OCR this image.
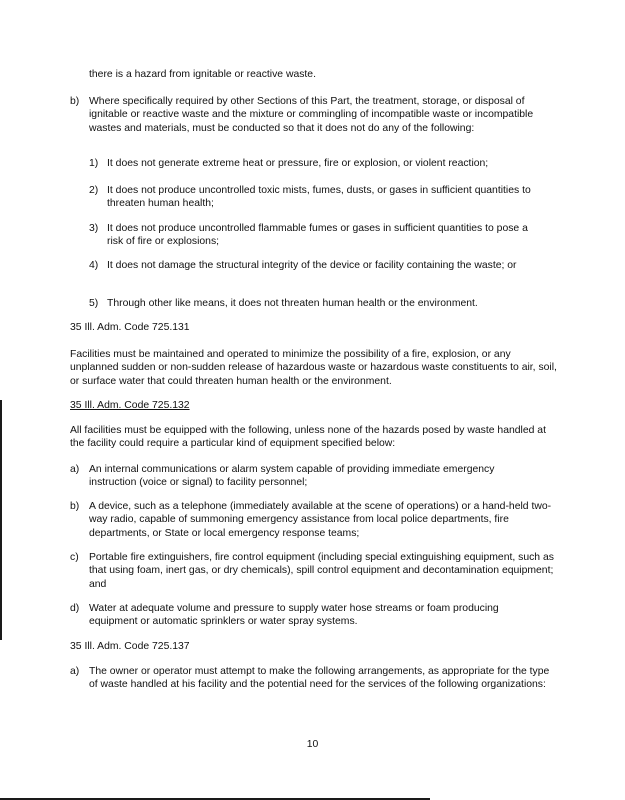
there is a hazard from ignitable or reactive waste.

b) Where specifically required by other Sections of this Part, the treatment, storage, or disposal of ignitable or reactive waste and the mixture or commingling of incompatible waste or incompatible wastes and materials, must be conducted so that it does not do any of the following:

1) It does not generate extreme heat or pressure, fire or explosion, or violent reaction;

2) It does not produce uncontrolled toxic mists, fumes, dusts, or gases in sufficient quantities to threaten human health;

3) It does not produce uncontrolled flammable fumes or gases in sufficient quantities to pose a risk of fire or explosions;

4) It does not damage the structural integrity of the device or facility containing the waste; or

5) Through other like means, it does not threaten human health or the environment.

35 Ill. Adm. Code 725.131

Facilities must be maintained and operated to minimize the possibility of a fire, explosion, or any unplanned sudden or non-sudden release of hazardous waste or hazardous waste constituents to air, soil, or surface water that could threaten human health or the environment.

35 Ill. Adm. Code 725.132

All facilities must be equipped with the following, unless none of the hazards posed by waste handled at the facility could require a particular kind of equipment specified below:

a) An internal communications or alarm system capable of providing immediate emergency instruction (voice or signal) to facility personnel;

b) A device, such as a telephone (immediately available at the scene of operations) or a hand-held two-way radio, capable of summoning emergency assistance from local police departments, fire departments, or State or local emergency response teams;

c) Portable fire extinguishers, fire control equipment (including special extinguishing equipment, such as that using foam, inert gas, or dry chemicals), spill control equipment and decontamination equipment; and

d) Water at adequate volume and pressure to supply water hose streams or foam producing equipment or automatic sprinklers or water spray systems.

35 Ill. Adm. Code 725.137

a) The owner or operator must attempt to make the following arrangements, as appropriate for the type of waste handled at his facility and the potential need for the services of the following organizations:

10
